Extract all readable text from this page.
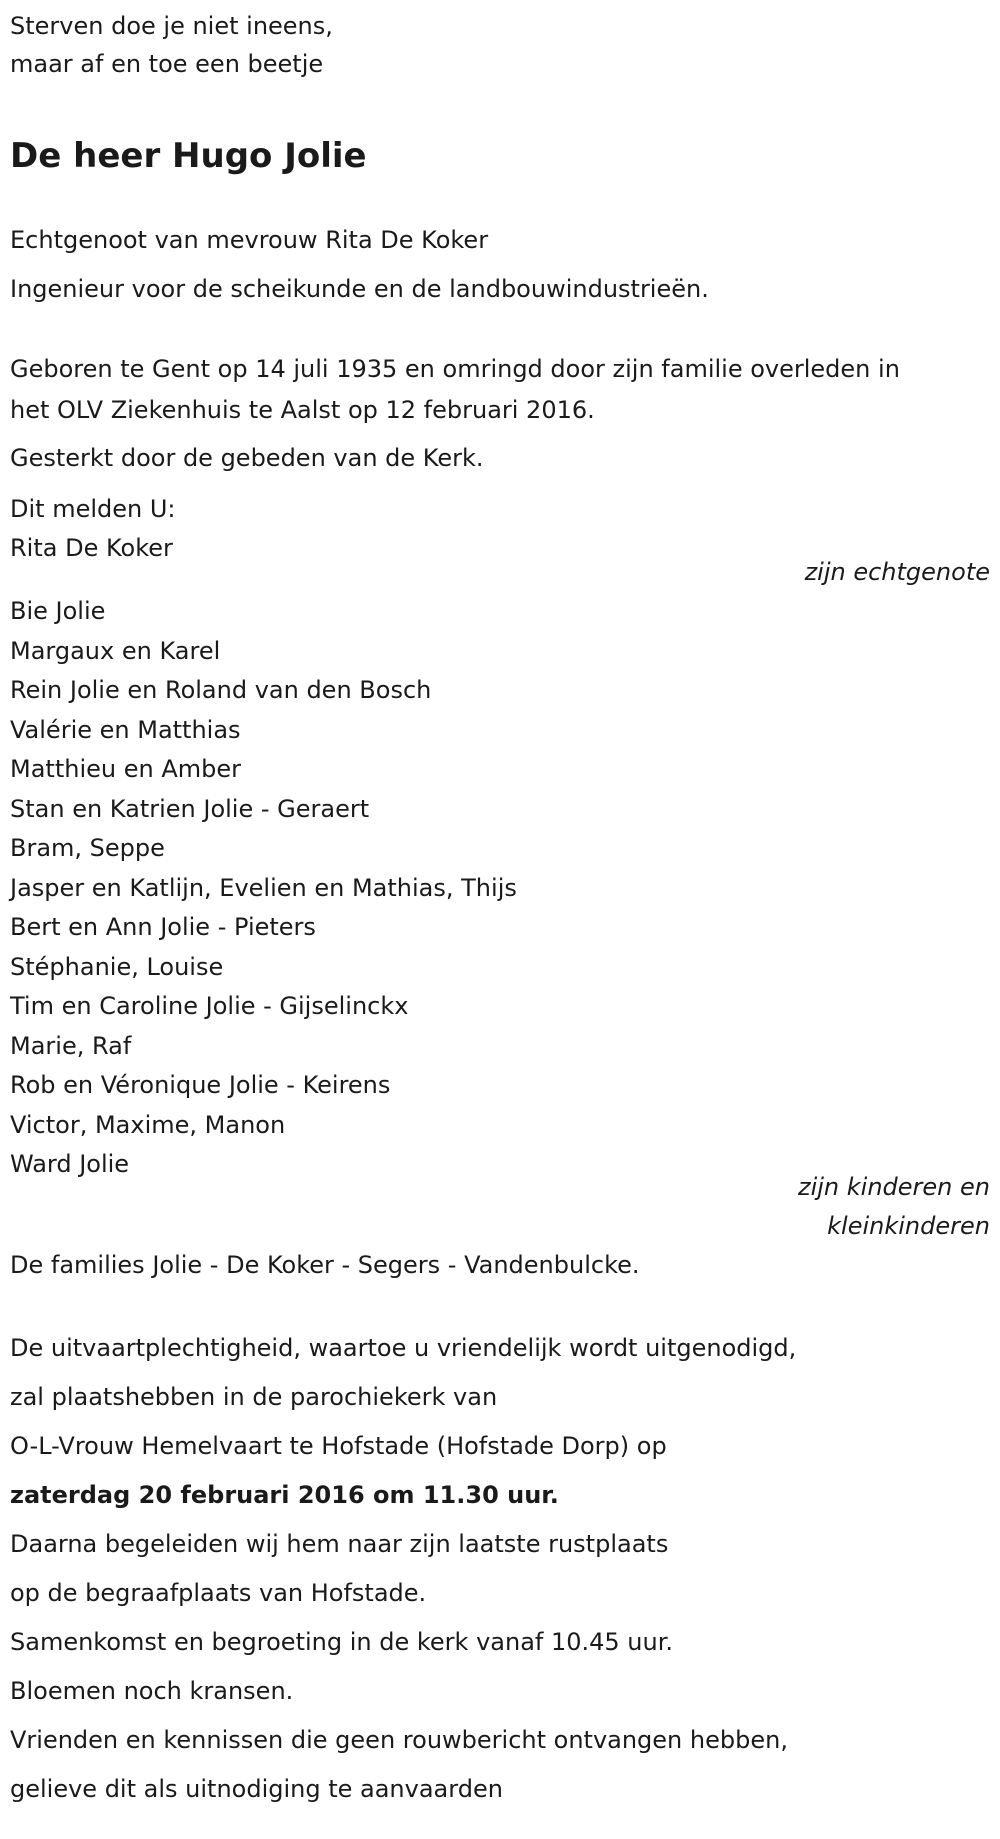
Sterven doe je niet ineens,
maar af en toe een beetje
De heer Hugo Jolie
Echtgenoot van mevrouw Rita De Koker
Ingenieur voor de scheikunde en de landbouwindustrieën.
Geboren te Gent op 14 juli 1935 en omringd door zijn familie overleden in
het OLV Ziekenhuis te Aalst op 12 februari 2016.
Gesterkt door de gebeden van de Kerk.
Dit melden U:
Rita De Koker
zijn echtgenote
Bie Jolie
Margaux en Karel
Rein Jolie en Roland van den Bosch
Valérie en Matthias
Matthieu en Amber
Stan en Katrien Jolie - Geraert
Bram, Seppe
Jasper en Katlijn, Evelien en Mathias, Thijs
Bert en Ann Jolie - Pieters
Stéphanie, Louise
Tim en Caroline Jolie - Gijselinckx
Marie, Raf
Rob en Véronique Jolie - Keirens
Victor, Maxime, Manon
Ward Jolie
zijn kinderen en
kleinkinderen
De families Jolie - De Koker - Segers - Vandenbulcke.
De uitvaartplechtigheid, waartoe u vriendelijk wordt uitgenodigd,
zal plaatshebben in de parochiekerk van
O-L-Vrouw Hemelvaart te Hofstade (Hofstade Dorp) op
zaterdag 20 februari 2016 om 11.30 uur.
Daarna begeleiden wij hem naar zijn laatste rustplaats
op de begraafplaats van Hofstade.
Samenkomst en begroeting in de kerk vanaf 10.45 uur.
Bloemen noch kransen.
Vrienden en kennissen die geen rouwbericht ontvangen hebben,
gelieve dit als uitnodiging te aanvaarden
